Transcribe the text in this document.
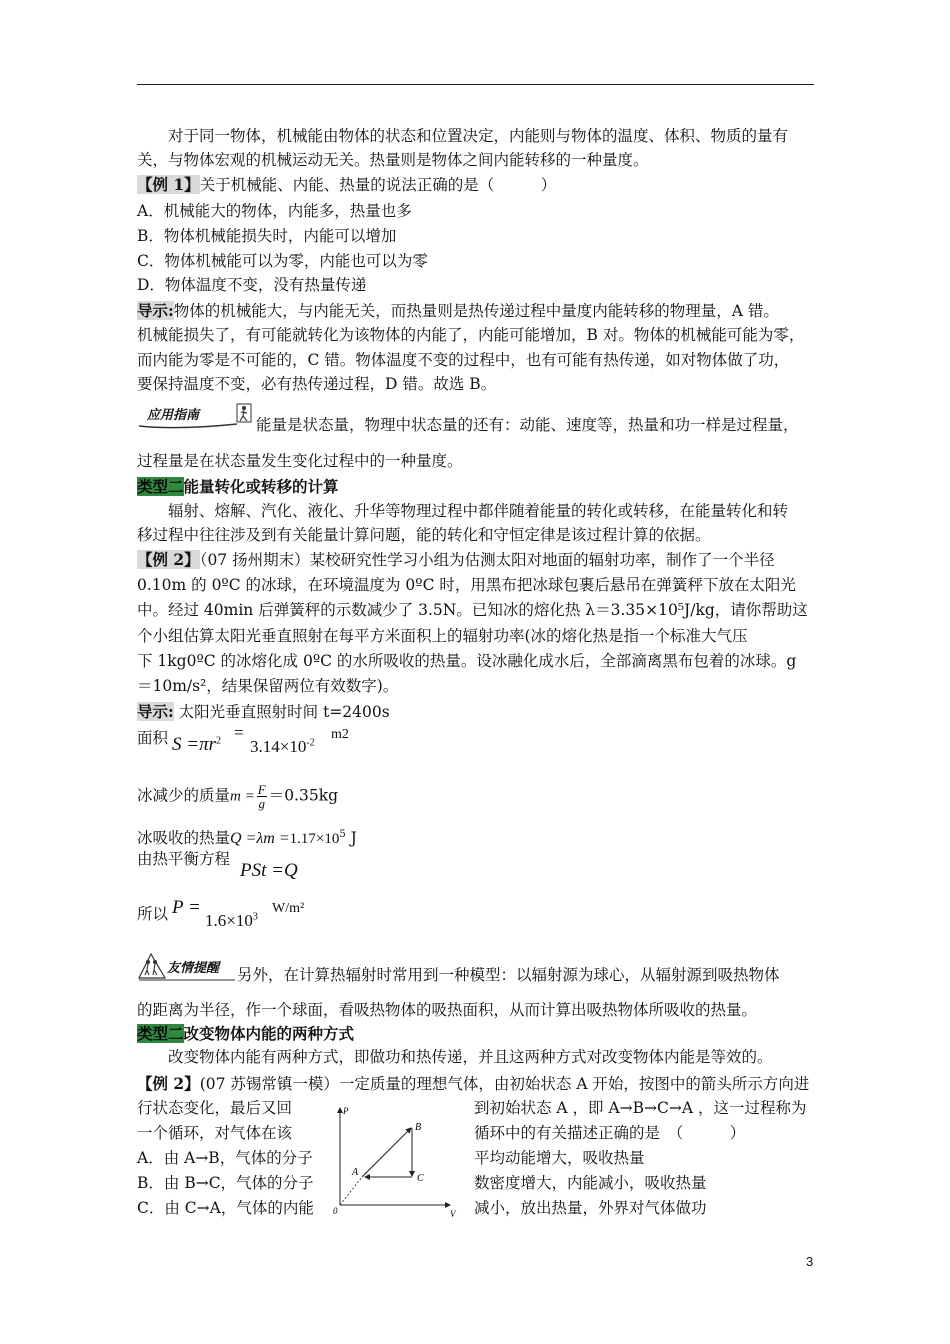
对于同一物体，机械能由物体的状态和位置决定，内能则与物体的温度、体积、物质的量有
关，与物体宏观的机械运动无关。热量则是物体之间内能转移的一种量度。
【例 1】关于机械能、内能、热量的说法正确的是（　　　）
A．机械能大的物体，内能多，热量也多
B．物体机械能损失时，内能可以增加
C．物体机械能可以为零，内能也可以为零
D．物体温度不变，没有热量传递
导示:物体的机械能大，与内能无关，而热量则是热传递过程中量度内能转移的物理量，A 错。
机械能损失了，有可能就转化为该物体的内能了，内能可能增加，B 对。物体的机械能可能为零，
而内能为零是不可能的，C 错。物体温度不变的过程中，也有可能有热传递，如对物体做了功，
要保持温度不变，必有热传递过程，D 错。故选 B。
应用指南
能量是状态量，物理中状态量的还有：动能、速度等，热量和功一样是过程量，
过程量是在状态量发生变化过程中的一种量度。
类型二能量转化或转移的计算
辐射、熔解、汽化、液化、升华等物理过程中都伴随着能量的转化或转移，在能量转化和转
移过程中往往涉及到有关能量计算问题，能的转化和守恒定律是该过程计算的依据。
【例 2】（07 扬州期末）某校研究性学习小组为估测太阳对地面的辐射功率，制作了一个半径
0.10m 的 0ºC 的冰球，在环境温度为 0ºC 时，用黑布把冰球包裹后悬吊在弹簧秤下放在太阳光
中。经过 40min 后弹簧秤的示数减少了 3.5N。已知冰的熔化热 λ＝3.35×10⁵J/kg，请你帮助这
个小组估算太阳光垂直照射在每平方米面积上的辐射功率(冰的熔化热是指一个标准大气压
下 1kg0ºC 的冰熔化成 0ºC 的水所吸收的热量。设冰融化成水后，全部滴离黑布包着的冰球。g
＝10m/s²，结果保留两位有效数字)。
导示: 太阳光垂直照射时间 t=2400s
面积 $S =\pi r^2$ =
$3.14\times 10^{-2}$
m2
冰减少的质量$m = \frac{F}{g} =0.35kg$
冰吸收的热量$Q =\lambda m =1.17\times 10^5$ J
由热平衡方程
PSt =Q
所以 P =
$1.6\times 10^3$
W/m²
友情提醒 另外，在计算热辐射时常用到一种模型：以辐射源为球心，从辐射源到吸热物体
的距离为半径，作一个球面，看吸热物体的吸热面积，从而计算出吸热物体所吸收的热量。
类型二改变物体内能的两种方式
改变物体内能有两种方式，即做功和热传递，并且这两种方式对改变物体内能是等效的。
【例 2】(07 苏锡常镇一模）一定质量的理想气体，由初始状态 A 开始，按图中的箭头所示方向进
行状态变化，最后又回
一个循环，对气体在该
A．由 A→B，气体的分子
B．由 B→C，气体的分子
C．由 C→A，气体的内能
到初始状态 A ，即 A→B→C→A ，这一过程称为
循环中的有关描述正确的是　（　　　）
平均动能增大，吸收热量
数密度增大，内能减小，吸收热量
减小，放出热量，外界对气体做功
P
V
0
A
B
C
3
